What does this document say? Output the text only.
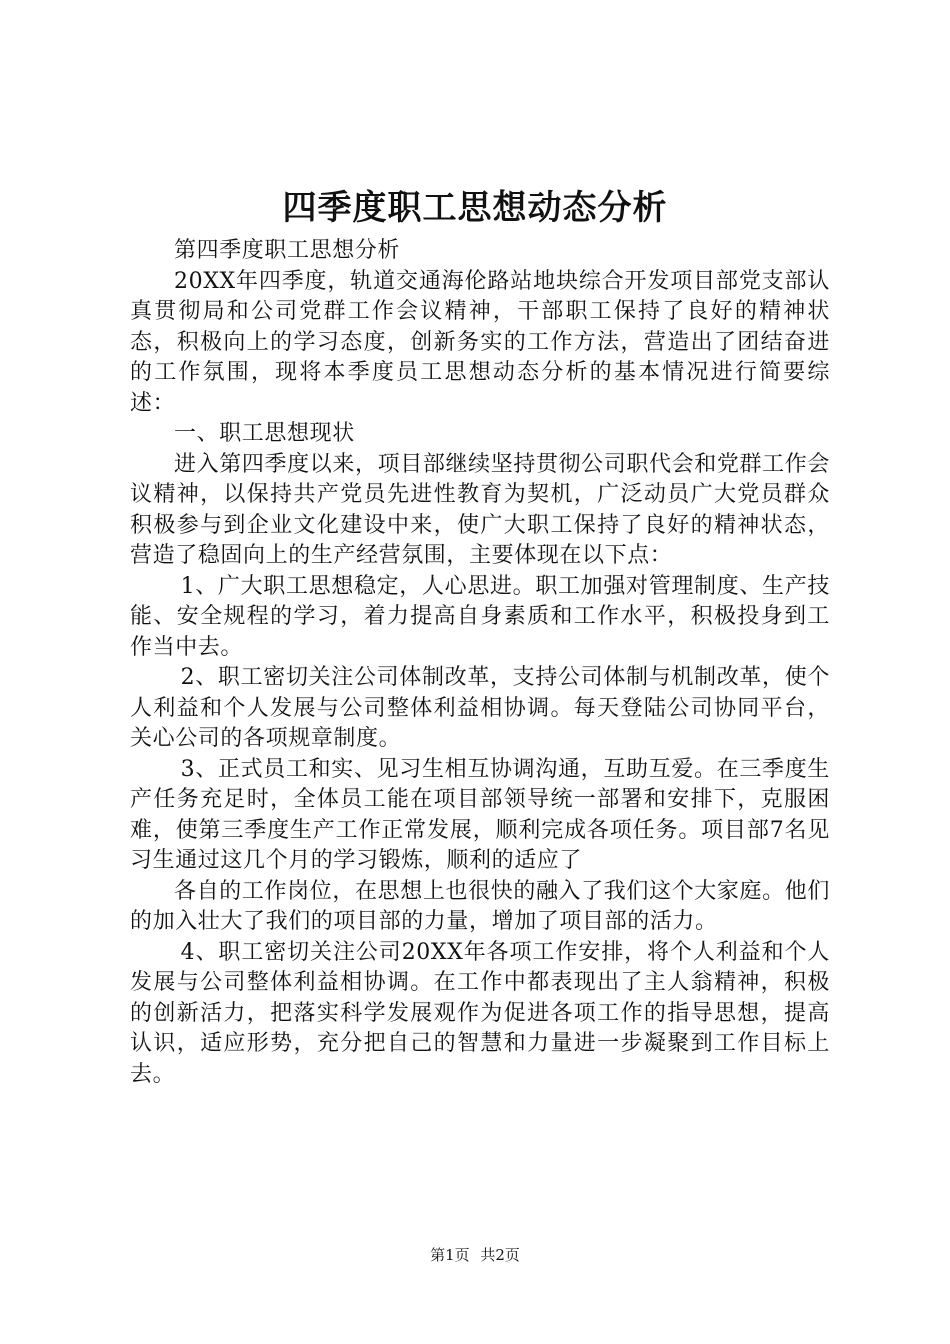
四季度职工思想动态分析

第四季度职工思想分析

20XX年四季度，轨道交通海伦路站地块综合开发项目部党支部认真贯彻局和公司党群工作会议精神，干部职工保持了良好的精神状态，积极向上的学习态度，创新务实的工作方法，营造出了团结奋进的工作氛围，现将本季度员工思想动态分析的基本情况进行简要综述：

一、职工思想现状

进入第四季度以来，项目部继续坚持贯彻公司职代会和党群工作会议精神，以保持共产党员先进性教育为契机，广泛动员广大党员群众积极参与到企业文化建设中来，使广大职工保持了良好的精神状态，营造了稳固向上的生产经营氛围，主要体现在以下点：

1、广大职工思想稳定，人心思进。职工加强对管理制度、生产技能、安全规程的学习，着力提高自身素质和工作水平，积极投身到工作当中去。

2、职工密切关注公司体制改革，支持公司体制与机制改革，使个人利益和个人发展与公司整体利益相协调。每天登陆公司协同平台，关心公司的各项规章制度。

3、正式员工和实、见习生相互协调沟通，互助互爱。在三季度生产任务充足时，全体员工能在项目部领导统一部署和安排下，克服困难，使第三季度生产工作正常发展，顺利完成各项任务。项目部7名见习生通过这几个月的学习锻炼，顺利的适应了

各自的工作岗位，在思想上也很快的融入了我们这个大家庭。他们的加入壮大了我们的项目部的力量，增加了项目部的活力。

4、职工密切关注公司20XX年各项工作安排，将个人利益和个人发展与公司整体利益相协调。在工作中都表现出了主人翁精神，积极的创新活力，把落实科学发展观作为促进各项工作的指导思想，提高认识，适应形势，充分把自己的智慧和力量进一步凝聚到工作目标上去。

第1页 共2页
